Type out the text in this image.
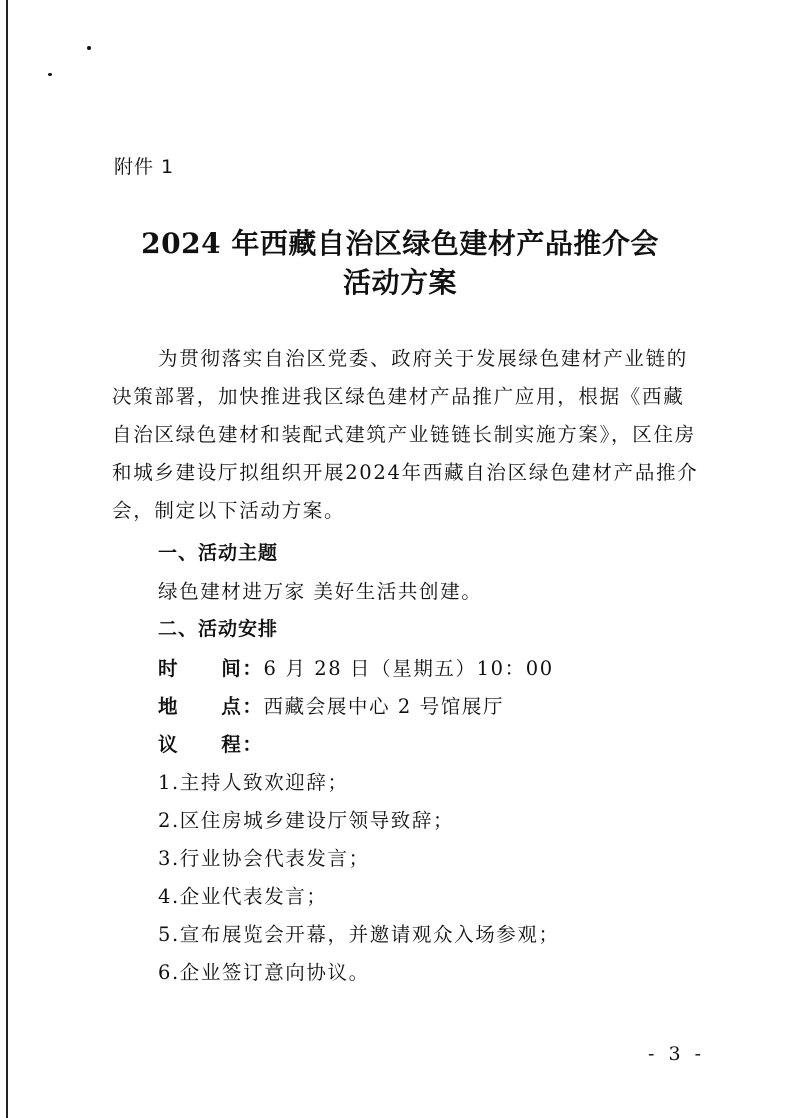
附件 1
2024 年西藏自治区绿色建材产品推介会
活动方案
为贯彻落实自治区党委、政府关于发展绿色建材产业链的
决策部署，加快推进我区绿色建材产品推广应用，根据《西藏
自治区绿色建材和装配式建筑产业链链长制实施方案》，区住房
和城乡建设厅拟组织开展2024年西藏自治区绿色建材产品推介
会，制定以下活动方案。
一、活动主题
绿色建材进万家 美好生活共创建。
二、活动安排
时　　间：6 月 28 日（星期五）10：00
地　　点：西藏会展中心 2 号馆展厅
议　　程：
1.主持人致欢迎辞；
2.区住房城乡建设厅领导致辞；
3.行业协会代表发言；
4.企业代表发言；
5.宣布展览会开幕，并邀请观众入场参观；
6.企业签订意向协议。
- 3 -
